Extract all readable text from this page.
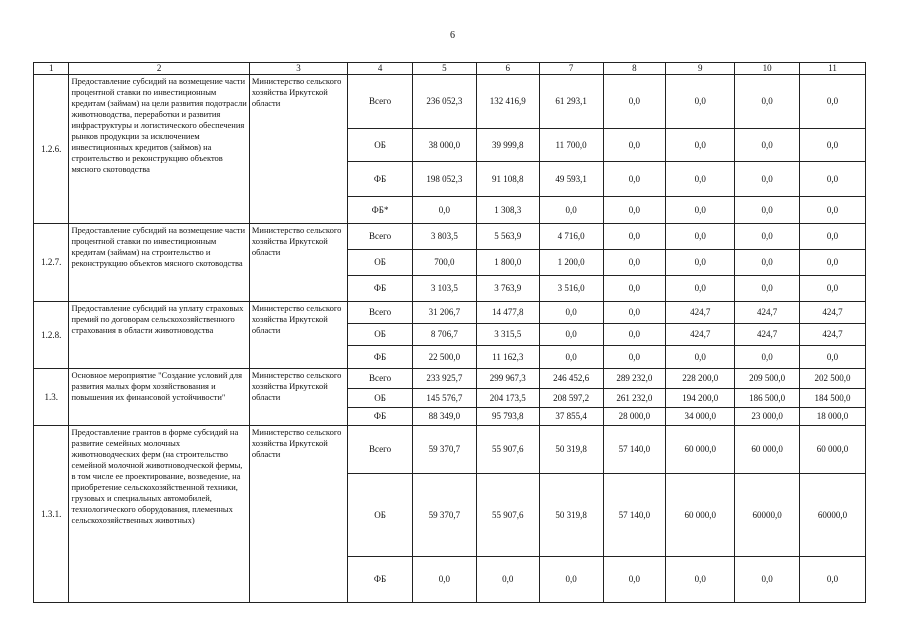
6
1	2	3	4	5	6	7	8	9	10	11
1.2.6.	Предоставление субсидий на возмещение части процентной ставки по инвестиционным кредитам (займам) на цели развития подотрасли животноводства, переработки и развития инфраструктуры и логистического обеспечения рынков продукции за исключением инвестиционных кредитов (займов) на строительство и реконструкцию объектов мясного скотоводства	Министерство сельского хозяйства Иркутской области	Всего	236 052,3	132 416,9	61 293,1	0,0	0,0	0,0	0,0
			ОБ	38 000,0	39 999,8	11 700,0	0,0	0,0	0,0	0,0
			ФБ	198 052,3	91 108,8	49 593,1	0,0	0,0	0,0	0,0
			ФБ*	0,0	1 308,3	0,0	0,0	0,0	0,0	0,0
1.2.7.	Предоставление субсидий на возмещение части процентной ставки по инвестиционным кредитам (займам) на строительство и реконструкцию объектов мясного скотоводства	Министерство сельского хозяйства Иркутской области	Всего	3 803,5	5 563,9	4 716,0	0,0	0,0	0,0	0,0
			ОБ	700,0	1 800,0	1 200,0	0,0	0,0	0,0	0,0
			ФБ	3 103,5	3 763,9	3 516,0	0,0	0,0	0,0	0,0
1.2.8.	Предоставление субсидий на уплату страховых премий по договорам сельскохозяйственного страхования в области животноводства	Министерство сельского хозяйства Иркутской области	Всего	31 206,7	14 477,8	0,0	0,0	424,7	424,7	424,7
			ОБ	8 706,7	3 315,5	0,0	0,0	424,7	424,7	424,7
			ФБ	22 500,0	11 162,3	0,0	0,0	0,0	0,0	0,0
1.3.	Основное мероприятие "Создание условий для развития малых форм хозяйствования и повышения их финансовой устойчивости"	Министерство сельского хозяйства Иркутской области	Всего	233 925,7	299 967,3	246 452,6	289 232,0	228 200,0	209 500,0	202 500,0
			ОБ	145 576,7	204 173,5	208 597,2	261 232,0	194 200,0	186 500,0	184 500,0
			ФБ	88 349,0	95 793,8	37 855,4	28 000,0	34 000,0	23 000,0	18 000,0
1.3.1.	Предоставление грантов в форме субсидий на развитие семейных молочных животноводческих ферм (на строительство семейной молочной животноводческой фермы, в том числе ее проектирование, возведение, на приобретение сельскохозяйственной техники, грузовых и специальных автомобилей, технологического оборудования, племенных сельскохозяйственных животных)	Министерство сельского хозяйства Иркутской области	Всего	59 370,7	55 907,6	50 319,8	57 140,0	60 000,0	60 000,0	60 000,0
			ОБ	59 370,7	55 907,6	50 319,8	57 140,0	60 000,0	60000,0	60000,0
			ФБ	0,0	0,0	0,0	0,0	0,0	0,0	0,0
